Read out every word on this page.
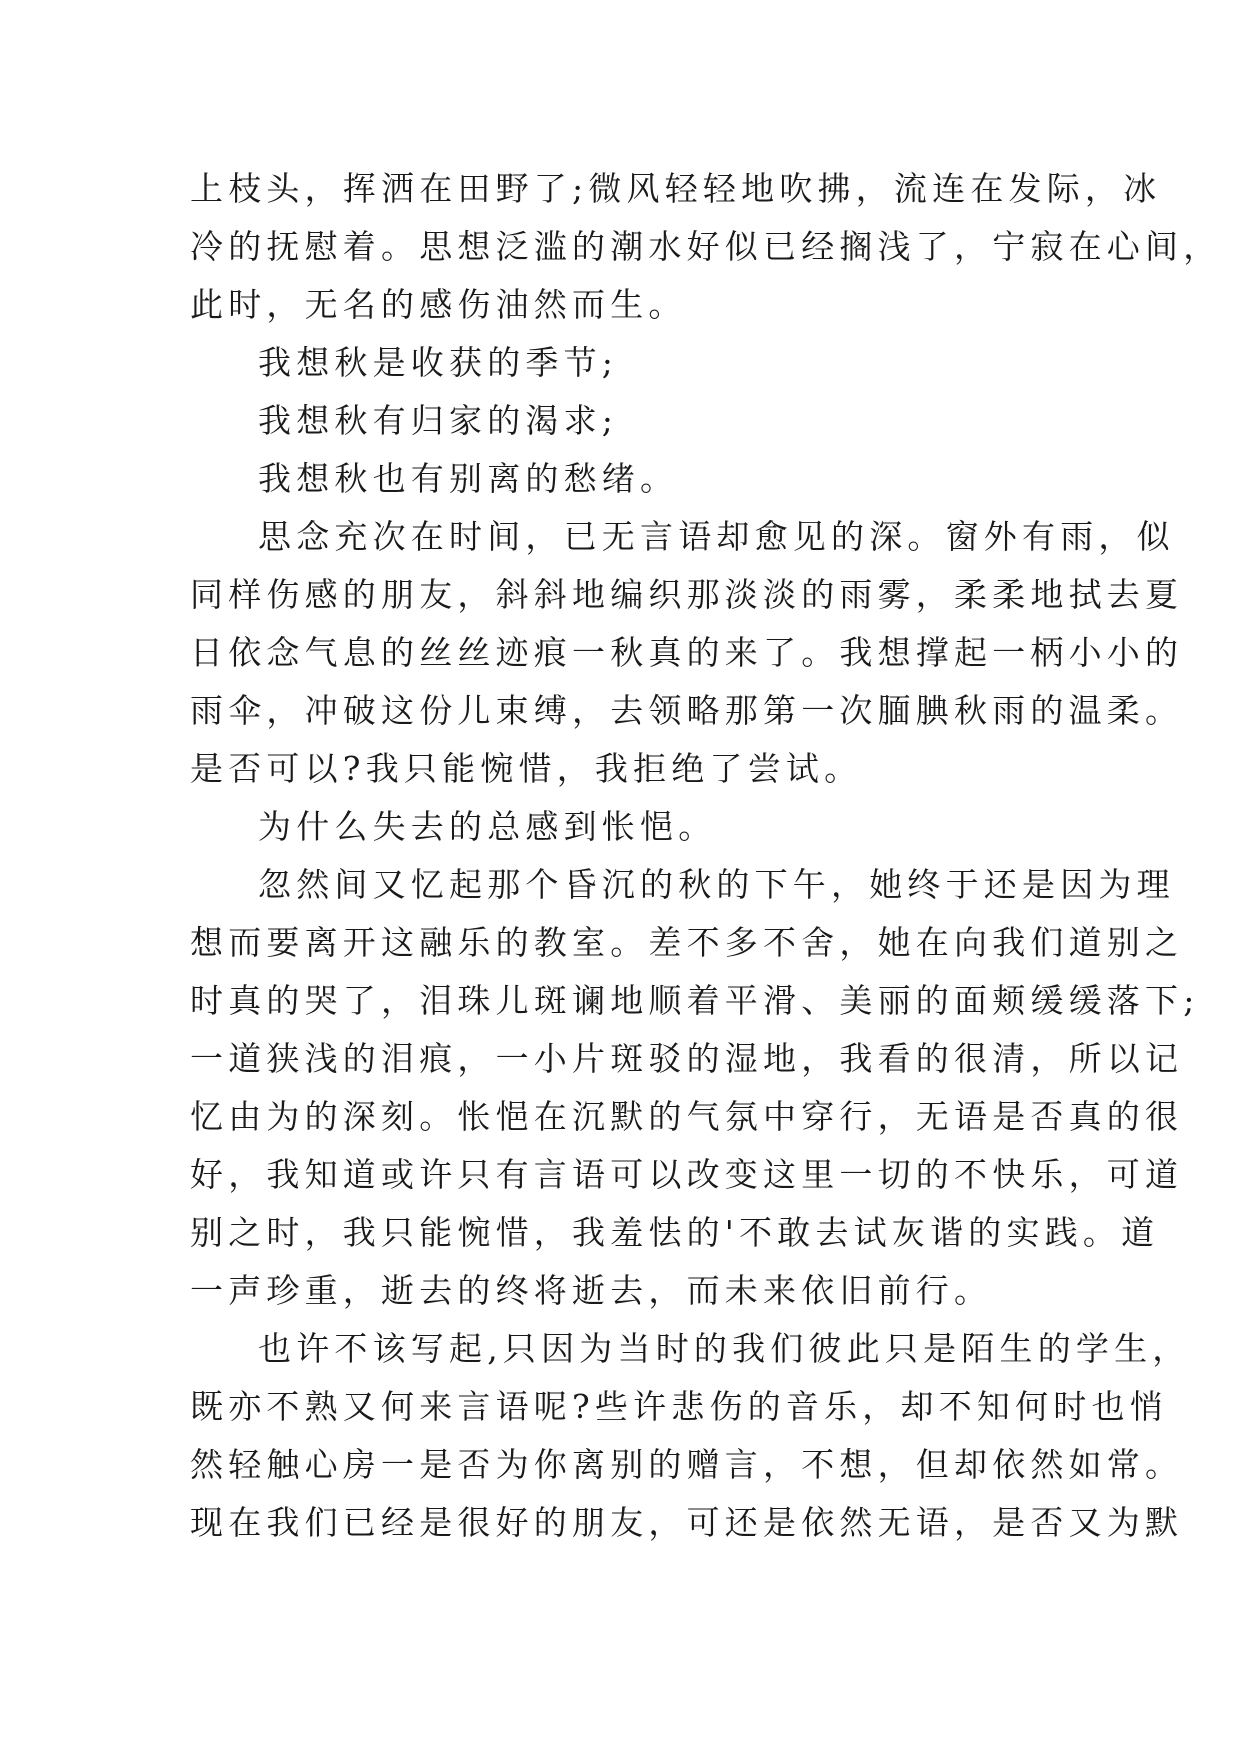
上枝头，挥洒在田野了;微风轻轻地吹拂，流连在发际，冰
冷的抚慰着。思想泛滥的潮水好似已经搁浅了，宁寂在心间，
此时，无名的感伤油然而生。
我想秋是收获的季节;
我想秋有归家的渴求;
我想秋也有别离的愁绪。
思念充次在时间，已无言语却愈见的深。窗外有雨，似
同样伤感的朋友，斜斜地编织那淡淡的雨雾，柔柔地拭去夏
日依念气息的丝丝迹痕一秋真的来了。我想撑起一柄小小的
雨伞，冲破这份儿束缚，去领略那第一次腼腆秋雨的温柔。
是否可以?我只能惋惜，我拒绝了尝试。
为什么失去的总感到怅悒。
忽然间又忆起那个昏沉的秋的下午，她终于还是因为理
想而要离开这融乐的教室。差不多不舍，她在向我们道别之
时真的哭了，泪珠儿斑谰地顺着平滑、美丽的面颊缓缓落下;
一道狭浅的泪痕，一小片斑驳的湿地，我看的很清，所以记
忆由为的深刻。怅悒在沉默的气氛中穿行，无语是否真的很
好，我知道或许只有言语可以改变这里一切的不快乐，可道
别之时，我只能惋惜，我羞怯的'不敢去试灰谐的实践。道
一声珍重，逝去的终将逝去，而未来依旧前行。
也许不该写起,只因为当时的我们彼此只是陌生的学生，
既亦不熟又何来言语呢?些许悲伤的音乐，却不知何时也悄
然轻触心房一是否为你离别的赠言，不想，但却依然如常。
现在我们已经是很好的朋友，可还是依然无语，是否又为默
